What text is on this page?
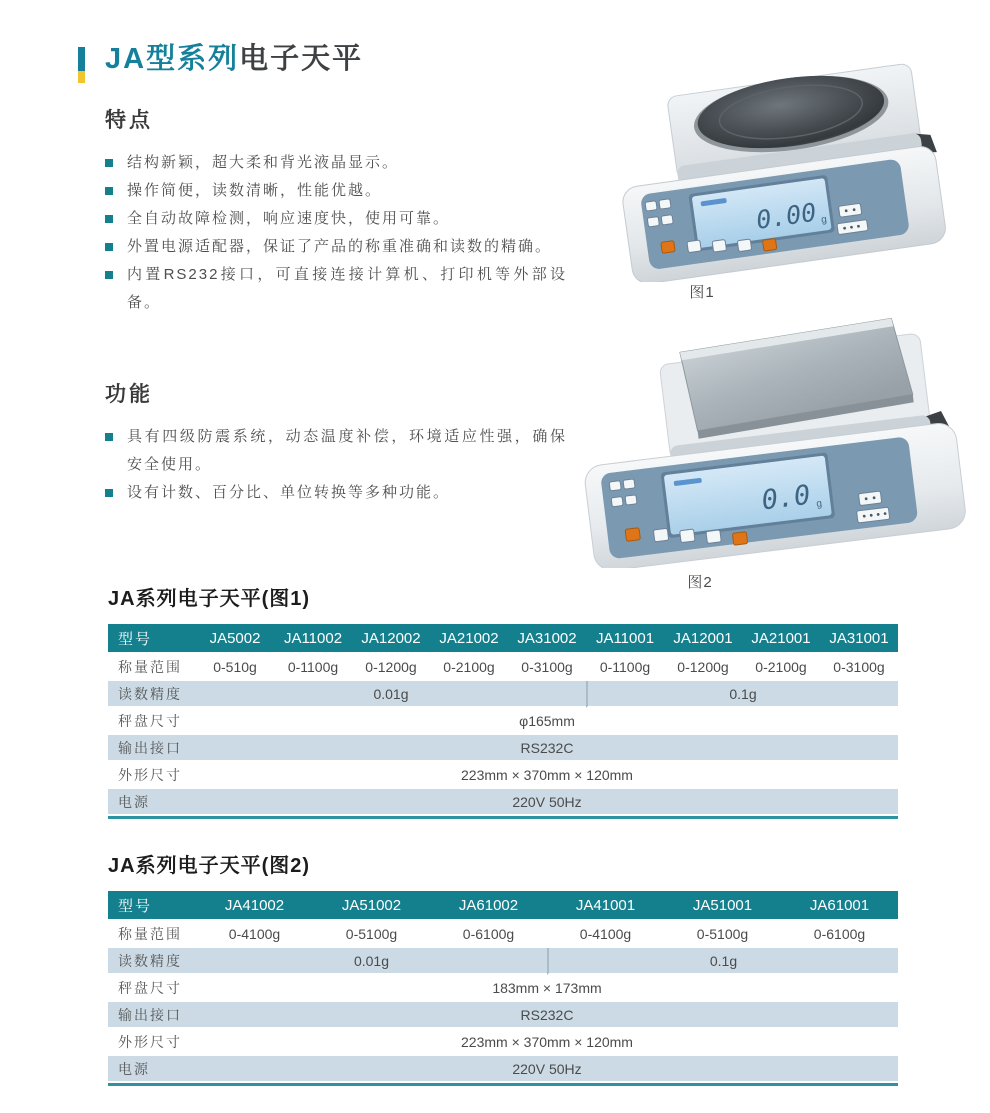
JA型系列电子天平
特点
结构新颖，超大柔和背光液晶显示。
操作简便，读数清晰，性能优越。
全自动故障检测，响应速度快，使用可靠。
外置电源适配器，保证了产品的称重准确和读数的精确。
内置RS232接口，可直接连接计算机、打印机等外部设备。
功能
具有四级防震系统，动态温度补偿，环境适应性强，确保安全使用。
设有计数、百分比、单位转换等多种功能。
0.00 g
图1
0.0 g
图2
JA系列电子天平(图1)
型号	JA5002	JA11002	JA12002	JA21002	JA31002	JA11001	JA12001	JA21001	JA31001
称量范围	0-510g	0-1100g	0-1200g	0-2100g	0-3100g	0-1100g	0-1200g	0-2100g	0-3100g
读数精度	0.01g					0.1g			
秤盘尺寸	φ165mm								
输出接口	RS232C								
外形尺寸	223mm × 370mm × 120mm								
电源	220V 50Hz								
JA系列电子天平(图2)
型号	JA41002	JA51002	JA61002	JA41001	JA51001	JA61001
称量范围	0-4100g	0-5100g	0-6100g	0-4100g	0-5100g	0-6100g
读数精度	0.01g			0.1g		
秤盘尺寸	183mm × 173mm					
输出接口	RS232C					
外形尺寸	223mm × 370mm × 120mm					
电源	220V 50Hz					
